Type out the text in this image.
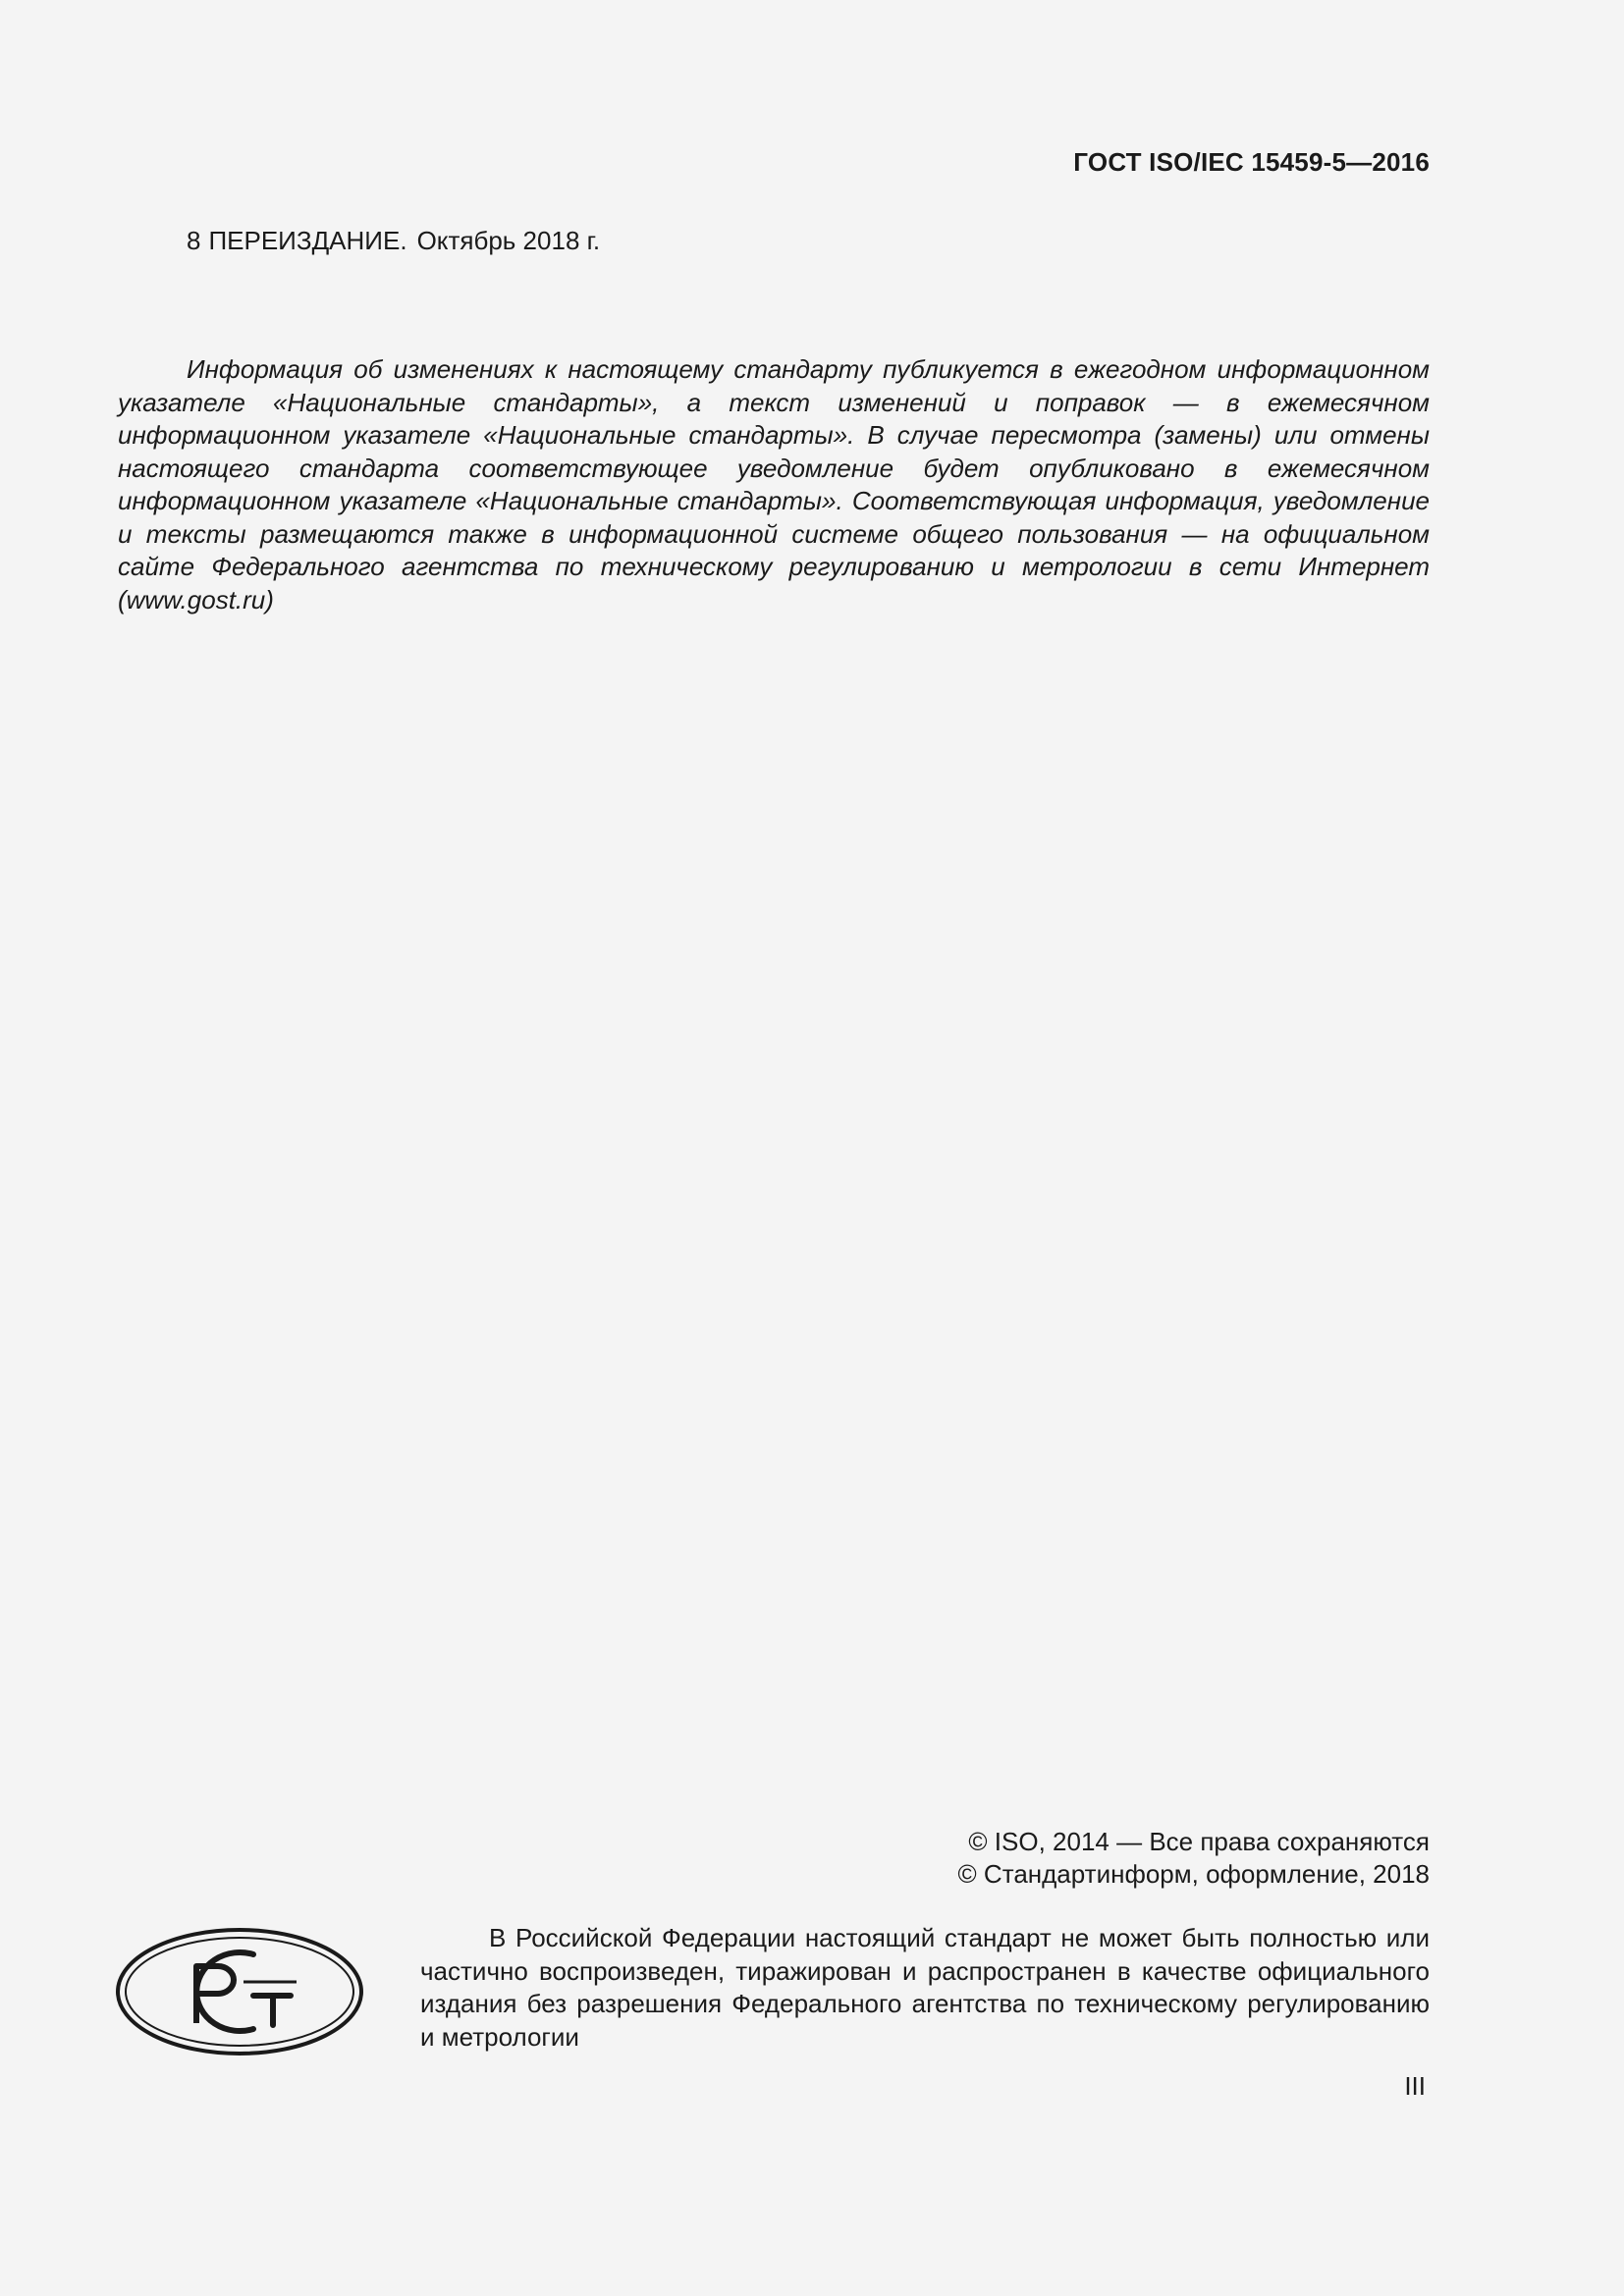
ГОСТ ISO/IEC 15459-5—2016
8 ПЕРЕИЗДАНИЕ. Октябрь 2018 г.

Информация об изменениях к настоящему стандарту публикуется в ежегодном информационном указателе «Национальные стандарты», а текст изменений и поправок — в ежемесячном информационном указателе «Национальные стандарты». В случае пересмотра (замены) или отмены настоящего стандарта соответствующее уведомление будет опубликовано в ежемесячном информационном указателе «Национальные стандарты». Соответствующая информация, уведомление и тексты размещаются также в информационной системе общего пользования — на официальном сайте Федерального агентства по техническому регулированию и метрологии в сети Интернет (www.gost.ru)

© ISO, 2014 — Все права сохраняются
© Стандартинформ, оформление, 2018

В Российской Федерации настоящий стандарт не может быть полностью или частично воспроизведен, тиражирован и распространен в качестве официального издания без разрешения Федерального агентства по техническому регулированию и метрологии

III
